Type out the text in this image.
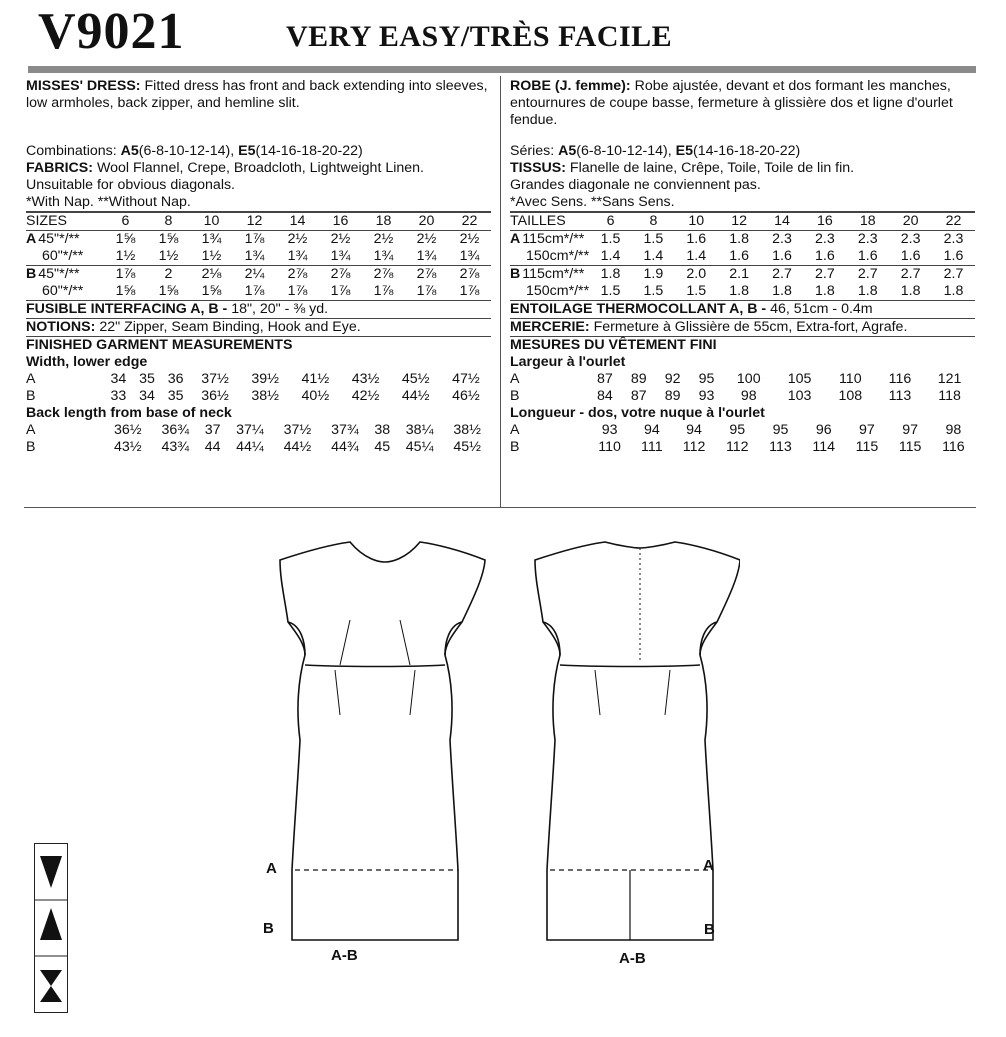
V9021	VERY EASY/TRÈS FACILE

MISSES' DRESS: Fitted dress has front and back extending into sleeves, low armholes, back zipper, and hemline slit.

Combinations: A5(6-8-10-12-14), E5(14-16-18-20-22)

FABRICS: Wool Flannel, Crepe, Broadcloth, Lightweight Linen.

Unsuitable for obvious diagonals.

*With Nap. **Without Nap.

SIZES	6	8	10	12	14	16	18	20	22
A 45"*/**	1⅝	1⅝	1¾	1⅞	2½	2½	2½	2½	2½
60"*/**	1½	1½	1½	1¾	1¾	1¾	1¾	1¾	1¾
B 45"*/**	1⅞	2	2⅛	2¼	2⅞	2⅞	2⅞	2⅞	2⅞
60"*/**	1⅝	1⅝	1⅝	1⅞	1⅞	1⅞	1⅞	1⅞	1⅞

FUSIBLE INTERFACING A, B - 18", 20" - ⅜ yd.

NOTIONS: 22" Zipper, Seam Binding, Hook and Eye.

FINISHED GARMENT MEASUREMENTS

Width, lower edge

A	34	35	36	37½	39½	41½	43½	45½	47½
B	33	34	35	36½	38½	40½	42½	44½	46½

Back length from base of neck

A	36½	36¾	37	37¼	37½	37¾	38	38¼	38½
B	43½	43¾	44	44¼	44½	44¾	45	45¼	45½

ROBE (J. femme): Robe ajustée, devant et dos formant les manches, entournures de coupe basse, fermeture à glissière dos et ligne d'ourlet fendue.

Séries: A5(6-8-10-12-14), E5(14-16-18-20-22)

TISSUS: Flanelle de laine, Crêpe, Toile, Toile de lin fin.

Grandes diagonale ne conviennent pas.

*Avec Sens. **Sans Sens.

TAILLES	6	8	10	12	14	16	18	20	22
A 115cm*/**	1.5	1.5	1.6	1.8	2.3	2.3	2.3	2.3	2.3
150cm*/**	1.4	1.4	1.4	1.6	1.6	1.6	1.6	1.6	1.6
B 115cm*/**	1.8	1.9	2.0	2.1	2.7	2.7	2.7	2.7	2.7
150cm*/**	1.5	1.5	1.5	1.8	1.8	1.8	1.8	1.8	1.8

ENTOILAGE THERMOCOLLANT A, B - 46, 51cm - 0.4m

MERCERIE: Fermeture à Glissière de 55cm, Extra-fort, Agrafe.

MESURES DU VÊTEMENT FINI

Largeur à l'ourlet

A	87	89	92	95	100	105	110	116	121
B	84	87	89	93	98	103	108	113	118

Longueur - dos, votre nuque à l'ourlet

A	93	94	94	95	95	96	97	97	98
B	110	111	112	112	113	114	115	115	116
A
B
A-B
A
B
A-B
